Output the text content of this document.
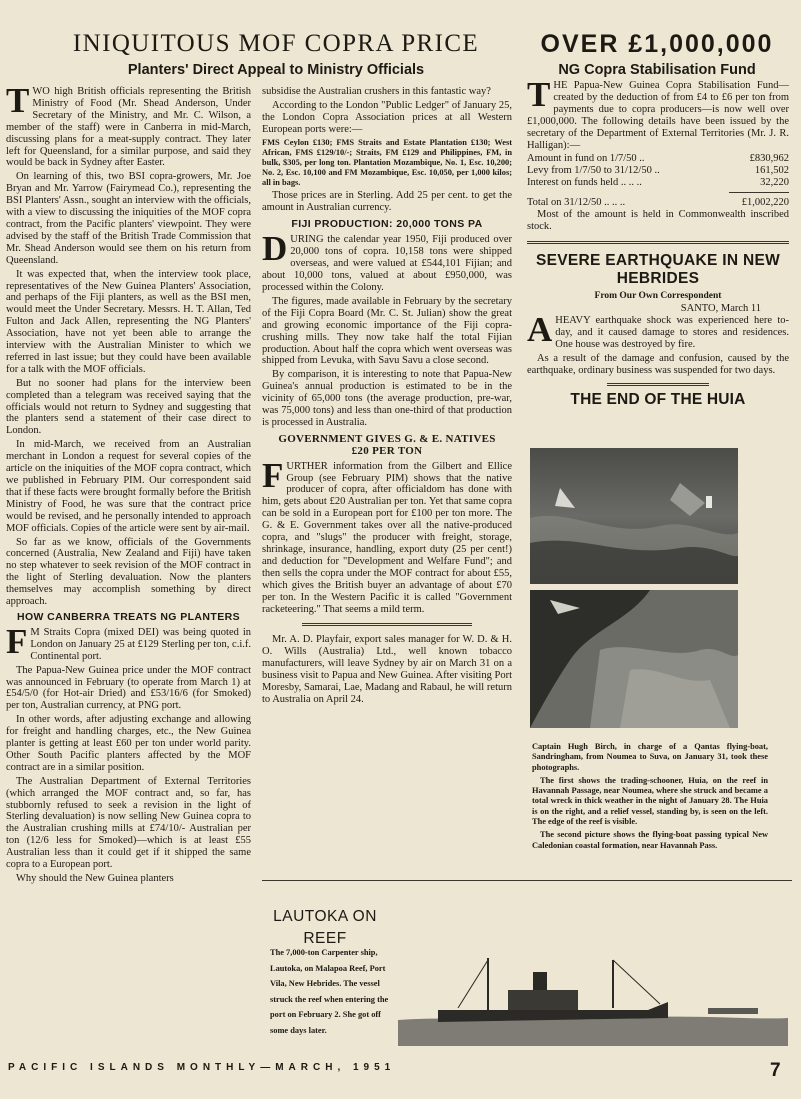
INIQUITOUS MOF COPRA PRICE
Planters' Direct Appeal to Ministry Officials
OVER £1,000,000
NG Copra Stabilisation Fund

TWO high British officials representing the British Ministry of Food (Mr. Shead Anderson, Under Secretary of the Ministry, and Mr. C. Wilson, a member of the staff) were in Canberra in mid-March, discussing plans for a meat-supply contract. They later left for Queensland, for a similar purpose, and said they would be back in Sydney after Easter.

On learning of this, two BSI copra-growers, Mr. Joe Bryan and Mr. Yarrow (Fairymead Co.), representing the BSI Planters' Assn., sought an interview with the officials, with a view to discussing the iniquities of the MOF copra contract, from the Pacific planters' viewpoint. They were advised by the staff of the British Trade Commission that Mr. Shead Anderson would see them on his return from Queensland.

It was expected that, when the interview took place, representatives of the New Guinea Planters' Association, and perhaps of the Fiji planters, as well as the BSI men, would meet the Under Secretary. Messrs. H. T. Allan, Ted Fulton and Jack Allen, representing the NG Planters' Association, have not yet been able to arrange the interview with the Australian Minister to which we referred in last issue; but they could have been available for a talk with the MOF officials.

But no sooner had plans for the interview been completed than a telegram was received saying that the officials would not return to Sydney and suggesting that the planters send a statement of their case direct to London.

In mid-March, we received from an Australian merchant in London a request for several copies of the article on the iniquities of the MOF copra contract, which we published in February PIM. Our correspondent said that if these facts were brought formally before the British Ministry of Food, he was sure that the contract price would be revised, and he personally intended to approach MOF officials. Copies of the article were sent by air-mail.

So far as we know, officials of the Governments concerned (Australia, New Zealand and Fiji) have taken no step whatever to seek revision of the MOF contract in the light of Sterling devaluation. Now the planters themselves may accomplish something by direct approach.

HOW CANBERRA TREATS NG PLANTERS

F M Straits Copra (mixed DEI) was being quoted in London on January 25 at £129 Sterling per ton, c.i.f. Continental port.

The Papua-New Guinea price under the MOF contract was announced in February (to operate from March 1) at £54/5/0 (for Hot-air Dried) and £53/16/6 (for Smoked) per ton, Australian currency, at PNG port.

In other words, after adjusting exchange and allowing for freight and handling charges, etc., the New Guinea planter is getting at least £60 per ton under world parity. Other South Pacific planters affected by the MOF contract are in a similar position.

The Australian Department of External Territories (which arranged the MOF contract and, so far, has stubbornly refused to seek a revision in the light of Sterling devaluation) is now selling New Guinea copra to the Australian crushing mills at £74/10/- Australian per ton (12/6 less for Smoked)—which is at least £55 Australian less than it could get if it shipped the same copra to a European port.

Why should the New Guinea planters

subsidise the Australian crushers in this fantastic way?

According to the London "Public Ledger" of January 25, the London Copra Association prices at all Western European ports were:—

FMS Ceylon £130; FMS Straits and Estate Plantation £130; West African, FMS £129/10/-; Straits, FM £129 and Philippines, FM, in bulk, $305, per long ton. Plantation Mozambique, No. 1, Esc. 10,200; No. 2, Esc. 10,100 and FM Mozambique, Esc. 10,050, per 1,000 kilos; all in bags.

Those prices are in Sterling. Add 25 per cent. to get the amount in Australian currency.

FIJI PRODUCTION: 20,000 TONS PA

DURING the calendar year 1950, Fiji produced over 20,000 tons of copra. 10,158 tons were shipped overseas, and were valued at £544,101 Fijian; and about 10,000 tons, valued at about £950,000, was processed within the Colony.

The figures, made available in February by the secretary of the Fiji Copra Board (Mr. C. St. Julian) show the great and growing economic importance of the Fiji copra-crushing mills. They now take half the total Fijian production. About half the copra which went overseas was shipped from Levuka, with Savu Savu a close second.

By comparison, it is interesting to note that Papua-New Guinea's annual production is estimated to be in the vicinity of 65,000 tons (the average production, pre-war, was 75,000 tons) and less than one-third of that production is processed in Australia.

GOVERNMENT GIVES G. & E. NATIVES £20 PER TON

FURTHER information from the Gilbert and Ellice Group (see February PIM) shows that the native producer of copra, after officialdom has done with him, gets about £20 Australian per ton. Yet that same copra can be sold in a European port for £100 per ton more. The G. & E. Government takes over all the native-produced copra, and "slugs" the producer with freight, storage, shrinkage, insurance, handling, export duty (25 per cent!) and deduction for "Development and Welfare Fund"; and then sells the copra under the MOF contract for about £55, which gives the British buyer an advantage of about £70 per ton. In the Western Pacific it is called "Government racketeering." That seems a mild term.

Mr. A. D. Playfair, export sales manager for W. D. & H. O. Wills (Australia) Ltd., well known tobacco manufacturers, will leave Sydney by air on March 31 on a business visit to Papua and New Guinea. After visiting Port Moresby, Samarai, Lae, Madang and Rabaul, he will return to Australia on April 24.

THE Papua-New Guinea Copra Stabilisation Fund—created by the deduction of from £4 to £6 per ton from payments due to copra producers—is now well over £1,000,000. The following details have been issued by the secretary of the Department of External Territories (Mr. J. R. Halligan):—

Amount in fund on 1/7/50 ..	£830,962
Levy from 1/7/50 to 31/12/50 ..	161,502
Interest on funds held .. .. ..	32,220

Total on 31/12/50 .. .. ..	£1,002,220

Most of the amount is held in Commonwealth inscribed stock.

SEVERE EARTHQUAKE IN NEW HEBRIDES
From Our Own Correspondent
SANTO, March 11

AHEAVY earthquake shock was experienced here to-day, and it caused damage to stores and residences. One house was destroyed by fire.

As a result of the damage and confusion, caused by the earthquake, ordinary business was suspended for two days.

THE END OF THE HUIA

Captain Hugh Birch, in charge of a Qantas flying-boat, Sandringham, from Noumea to Suva, on January 31, took these photographs.

The first shows the trading-schooner, Huia, on the reef in Havannah Passage, near Noumea, where she struck and became a total wreck in thick weather in the night of January 28. The Huia is on the right, and a relief vessel, standing by, is seen on the left. The edge of the reef is visible.

The second picture shows the flying-boat passing typical New Caledonian coastal formation, near Havannah Pass.

LAUTOKA ON REEF
The 7,000-ton Carpenter ship, Lautoka, on Malapoa Reef, Port Vila, New Hebrides. The vessel struck the reef when entering the port on February 2. She got off some days later.
PACIFIC ISLANDS MONTHLY—MARCH, 1951	7
